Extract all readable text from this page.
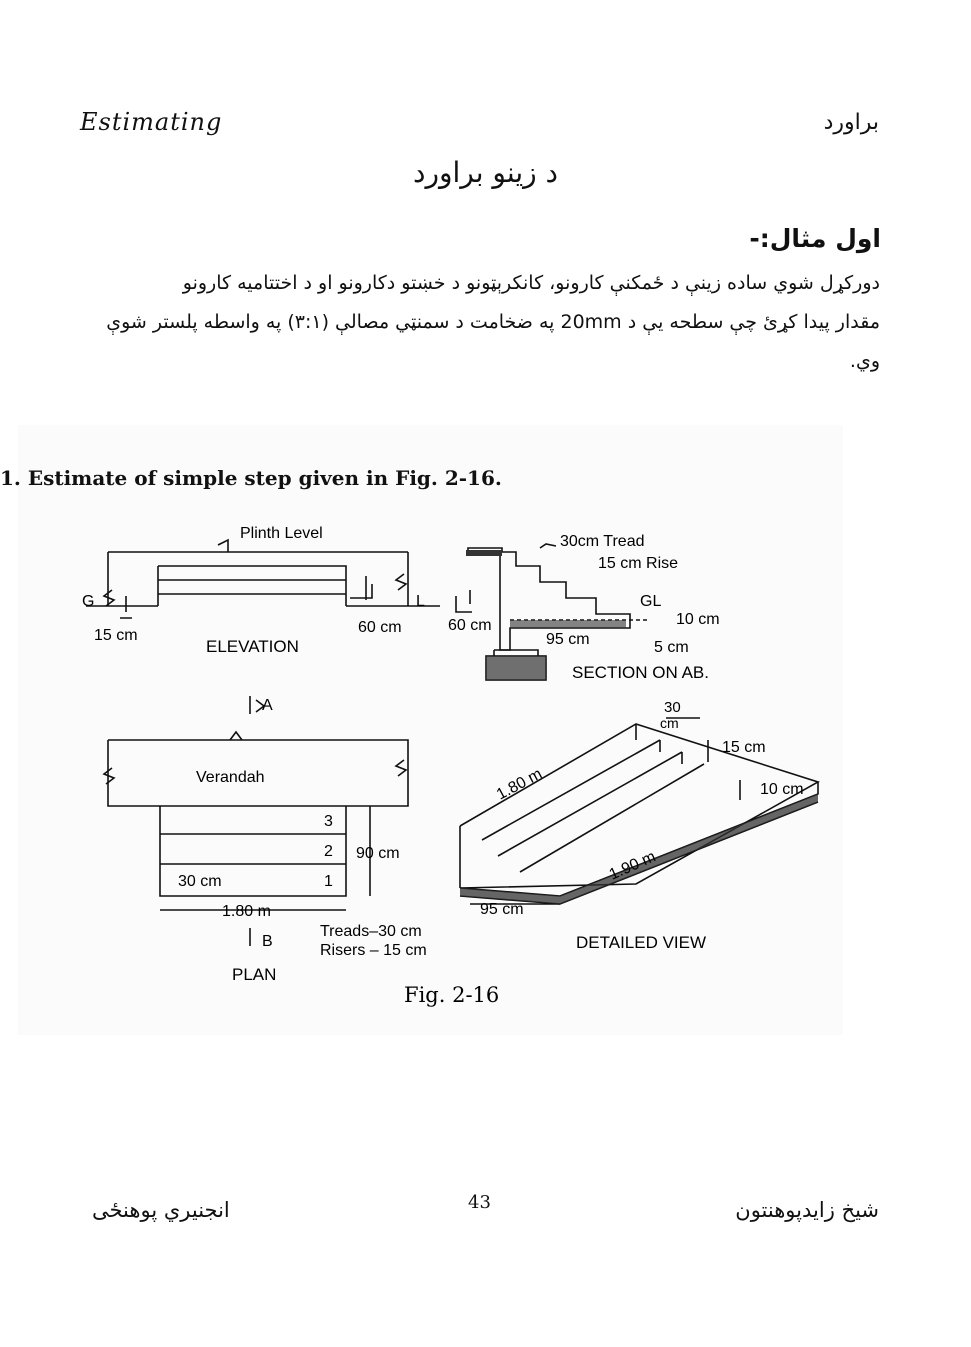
Estimating	براورد
د زينو براورد
اول مثال:-
دورکړل شوي ساده زينې د ځمکنې کارونو، کانکرېټونو د خښتو دکارونو او د اختتاميه کارونو
مقدار پيدا کړئ چې سطحه يې د 20mm په ضخامت د سمنټي مصالې (۳:۱) په واسطه پلستر شوې
وي.
1. Estimate of simple step given in Fig. 2-16.
Plinth Level
G	L
15 cm	60 cm
ELEVATION
30cm Tread
15 cm Rise
GL
60 cm
95 cm
10 cm
5 cm
SECTION ON AB.
Verandah
3
2
1
90 cm
30 cm
1.80 m
A
B
Treads–30 cm
Risers – 15 cm
PLAN
30
cm
15 cm
10 cm
1.80 m
1.90 m
95 cm
DETAILED VIEW
Fig. 2-16
انجنيري پوهنځی	43	شيخ زايدپوهنتون
